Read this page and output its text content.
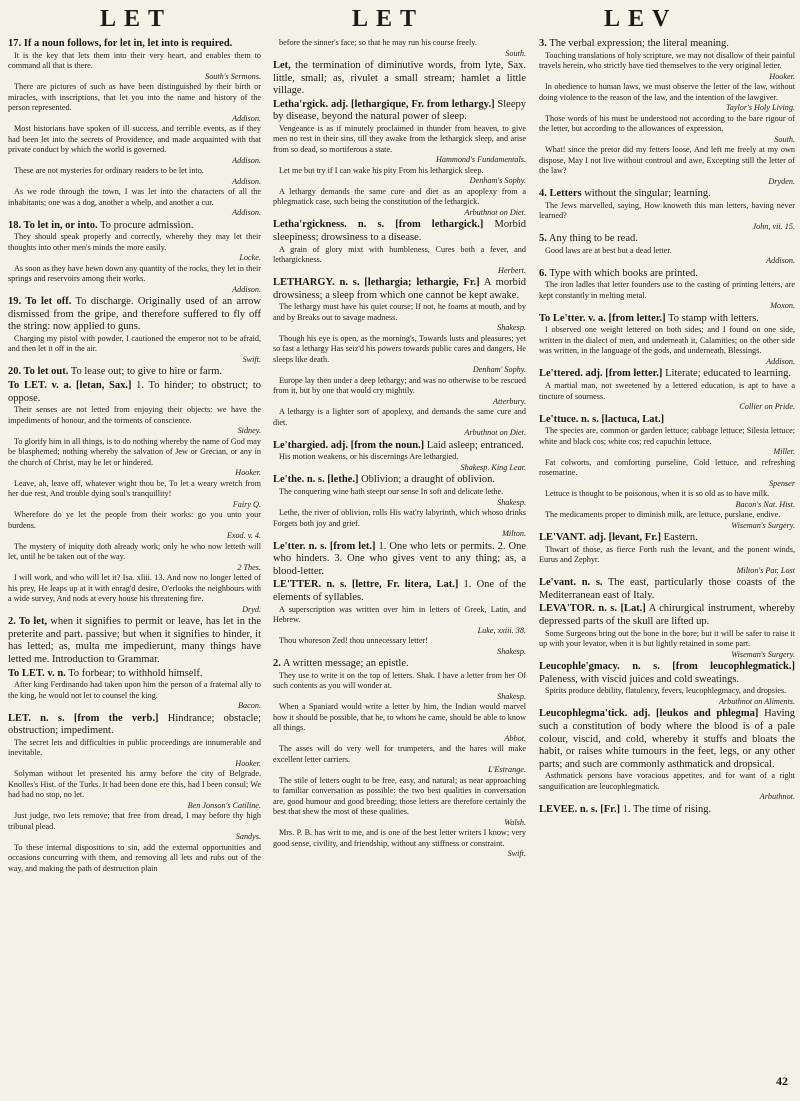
LET	LET	LEV
17. If a noun follows, for let in, let into is required.

It is the key that lets them into their very heart, and enables them to command all that is there.
South's Sermons.

There are pictures of such as have been distinguished by their birth or miracles, with inscriptions, that let you into the name and history of the person represented.
Addison.

Most historians have spoken of ill success, and terrible events, as if they had been let into the secrets of Providence, and made acquainted with that private conduct by which the world is governed.
Addison.

These are not mysteries for ordinary readers to be let into.
Addison.

As we rode through the town, I was let into the characters of all the inhabitants; one was a dog, another a whelp, and another a cur.
Addison.

18. To let in, or into. To procure admission.

They should speak properly and correctly, whereby they may let their thoughts into other men's minds the more easily.
Locke.

As soon as they have hewn down any quantity of the rocks, they let in their springs and reservoirs among their works.
Addison.

19. To let off. To discharge. Originally used of an arrow dismissed from the gripe, and therefore suffered to fly off the string: now applied to guns.

Charging my pistol with powder, I cautioned the emperor not to be afraid, and then let it off in the air.
Swift.

20. To let out. To lease out; to give to hire or farm.
To LET. v. a. [letan, Sax.] 1. To hinder; to obstruct; to oppose.

Their senses are not letted from enjoying their objects: we have the impediments of honour, and the torments of conscience.
Sidney.

To glorify him in all things, is to do nothing whereby the name of God may be blasphemed; nothing whereby the salvation of Jew or Grecian, or any in the church of Christ, may be let or hindered.
Hooker.

Leave, ah, leave off, whatever wight thou be, To let a weary wretch from her due rest, And trouble dying soul's tranquillity!
Fairy Q.

Wherefore do ye let the people from their works: go you unto your burdens.
Exod. v. 4.

The mystery of iniquity doth already work; only he who now letteth will let, until he be taken out of the way.
2 Thes.

I will work, and who will let it? Isa. xliii. 13. And now no longer letted of his prey, He leaps up at it with enrag'd desire, O'erlooks the neighbours with a wide survey, And nods at every house his threatening fire.
Dryd.

2. To let, when it signifies to permit or leave, has let in the preterite and part. passive; but when it signifies to hinder, it has letted; as, multa me impedierunt, many things have letted me. Introduction to Grammar.
To LET. v. n. To forbear; to withhold himself.

After king Ferdinando had taken upon him the person of a fraternal ally to the king, he would not let to counsel the king.
Bacon.

LET. n. s. [from the verb.] Hindrance; obstacle; obstruction; impediment.

The secret lets and difficulties in public proceedings are innumerable and inevitable.
Hooker.

Solyman without let presented his army before the city of Belgrade. Knolles's Hist. of the Turks. It had been done ere this, had I been consul; We had had no stop, no let.
Ben Jonson's Catiline.

Just judge, two lets remove; that free from dread, I may before thy high tribunal plead.
Sandys.

To these internal dispositions to sin, add the external opportunities and occasions concurring with them, and removing all lets and rubs out of the way, and making the path of destruction plain

before the sinner's face; so that he may run his course freely.
South.

Let, the termination of diminutive words, from lyte, Sax. little, small; as, rivulet a small stream; hamlet a little village.
Letha'rgick. adj. [lethargique, Fr. from lethargy.] Sleepy by disease, beyond the natural power of sleep.

Vengeance is as if minutely proclaimed in thunder from heaven, to give men no rest in their sins, till they awake from the lethargick sleep, and arise from so dead, so mortiferous a state.
Hammond's Fundamentals.

Let me but try if I can wake his pity From his lethargick sleep.
Denham's Sophy.

A lethargy demands the same cure and diet as an apoplexy from a phlegmatick case, such being the constitution of the lethargick.
Arbuthnot on Diet.

Letha'rgickness. n. s. [from lethargick.] Morbid sleepiness; drowsiness to a disease.

A grain of glory mixt with humbleness, Cures both a fever, and lethargickness.
Herbert.

LETHARGY. n. s. [lethargia; lethargie, Fr.] A morbid drowsiness; a sleep from which one cannot be kept awake.

The lethargy must have his quiet course; If not, he foams at mouth, and by and by Breaks out to savage madness.
Shakesp.

Though his eye is open, as the morning's, Towards lusts and pleasures; yet so fast a lethargy Has seiz'd his powers towards public cares and dangers, He sleeps like death.
Denham' Sophy.

Europe lay then under a deep lethargy; and was no otherwise to be rescued from it, but by one that would cry mightily.
Atterbury.

A lethargy is a lighter sort of apoplexy, and demands the same cure and diet.
Arbuthnot on Diet.

Le'thargied. adj. [from the noun.] Laid asleep; entranced.

His motion weakens, or his discernings Are lethargied.
Shakesp. King Lear.

Le'the. n. s. [lethe.] Oblivion; a draught of oblivion.

The conquering wine hath steept our sense In soft and delicate lethe.
Shakesp.

Lethe, the river of oblivion, rolls His wat'ry labyrinth, which whoso drinks Forgets both joy and grief.
Milton.

Le'tter. n. s. [from let.] 1. One who lets or permits. 2. One who hinders. 3. One who gives vent to any thing; as, a blood-letter.
LE'TTER. n. s. [lettre, Fr. litera, Lat.] 1. One of the elements of syllables.

A superscription was written over him in letters of Greek, Latin, and Hebrew.
Luke, xxiii. 38.

Thou whoreson Zed! thou unnecessary letter!
Shakesp.

2. A written message; an epistle.

They use to write it on the top of letters. Shak. I have a letter from her Of such contents as you will wonder at.
Shakesp.

When a Spaniard would write a letter by him, the Indian would marvel how it should be possible, that he, to whom he came, should be able to know all things.
Abbot.

The asses will do very well for trumpeters, and the hares will make excellent letter carriers.
L'Estrange.

The stile of letters ought to be free, easy, and natural; as near approaching to familiar conversation as possible: the two best qualities in conversation are, good humour and good breeding; those letters are therefore certainly the best that shew the most of these qualities.
Walsh.

Mrs. P. B. has writ to me, and is one of the best letter writers I know; very good sense, civility, and friendship, without any stiffness or constraint.
Swift.

3. The verbal expression; the literal meaning.

Touching translations of holy scripture, we may not disallow of their painful travels herein, who strictly have tied themselves to the very original letter.
Hooker.

In obedience to human laws, we must observe the letter of the law, without doing violence to the reason of the law, and the intention of the lawgiver.
Taylor's Holy Living.

Those words of his must be understood not according to the bare rigour of the letter, but according to the allowances of expression.
South.

What! since the pretor did my fetters loose, And left me freely at my own dispose, May I not live without controul and awe, Excepting still the letter of the law?
Dryden.

4. Letters without the singular; learning.

The Jews marvelled, saying, How knoweth this man letters, having never learned?
John, vii. 15.

5. Any thing to be read.

Good laws are at best but a dead letter.
Addison.

6. Type with which books are printed.

The iron ladles that letter founders use to the casting of printing letters, are kept constantly in melting metal.
Moxon.

To Le'tter. v. a. [from letter.] To stamp with letters.

I observed one weight lettered on both sides; and I found on one side, written in the dialect of men, and underneath it, Calamities; on the other side was written, in the language of the gods, and underneath, Blessings.
Addison.

Le'ttered. adj. [from letter.] Literate; educated to learning.

A martial man, not sweetened by a lettered education, is apt to have a tincture of sourness.
Collier on Pride.

Le'ttuce. n. s. [lactuca, Lat.]

The species are, common or garden lettuce; cabbage lettuce; Silesia lettuce; white and black cos; white cos; red capuchin lettuce.
Miller.

Fat colworts, and comforting purseline, Cold lettuce, and refreshing rosemarine.
Spenser

Lettuce is thought to be poisonous, when it is so old as to have milk.
Bacon's Nat. Hist.

The medicaments proper to diminish milk, are lettuce, purslane, endive.
Wiseman's Surgery.

LE'VANT. adj. [levant, Fr.] Eastern.

Thwart of those, as fierce Forth rush the levant, and the ponent winds, Eurus and Zephyr.
Milton's Par. Lost

Le'vant. n. s. The east, particularly those coasts of the Mediterranean east of Italy.
LEVA'TOR. n. s. [Lat.] A chirurgical instrument, whereby depressed parts of the skull are lifted up.

Some Surgeons bring out the bone in the bore; but it will be safer to raise it up with your levator, when it is but lightly retained in some part.
Wiseman's Surgery.

Leucophle'gmacy. n. s. [from leucophlegmatick.] Paleness, with viscid juices and cold sweatings.

Spirits produce debility, flatulency, fevers, leucophlegmacy, and dropsies.
Arbuthnot on Aliments.

Leucophlegma'tick. adj. [leukos and phlegma] Having such a constitution of body where the blood is of a pale colour, viscid, and cold, whereby it stuffs and bloats the habit, or raises white tumours in the feet, legs, or any other parts; and such are commonly asthmatick and dropsical.

Asthmatick persons have voracious appetites, and for want of a right sanguification are leucophlegmatick.
Arbuthnot.

LEVEE. n. s. [Fr.] 1. The time of rising.
42
